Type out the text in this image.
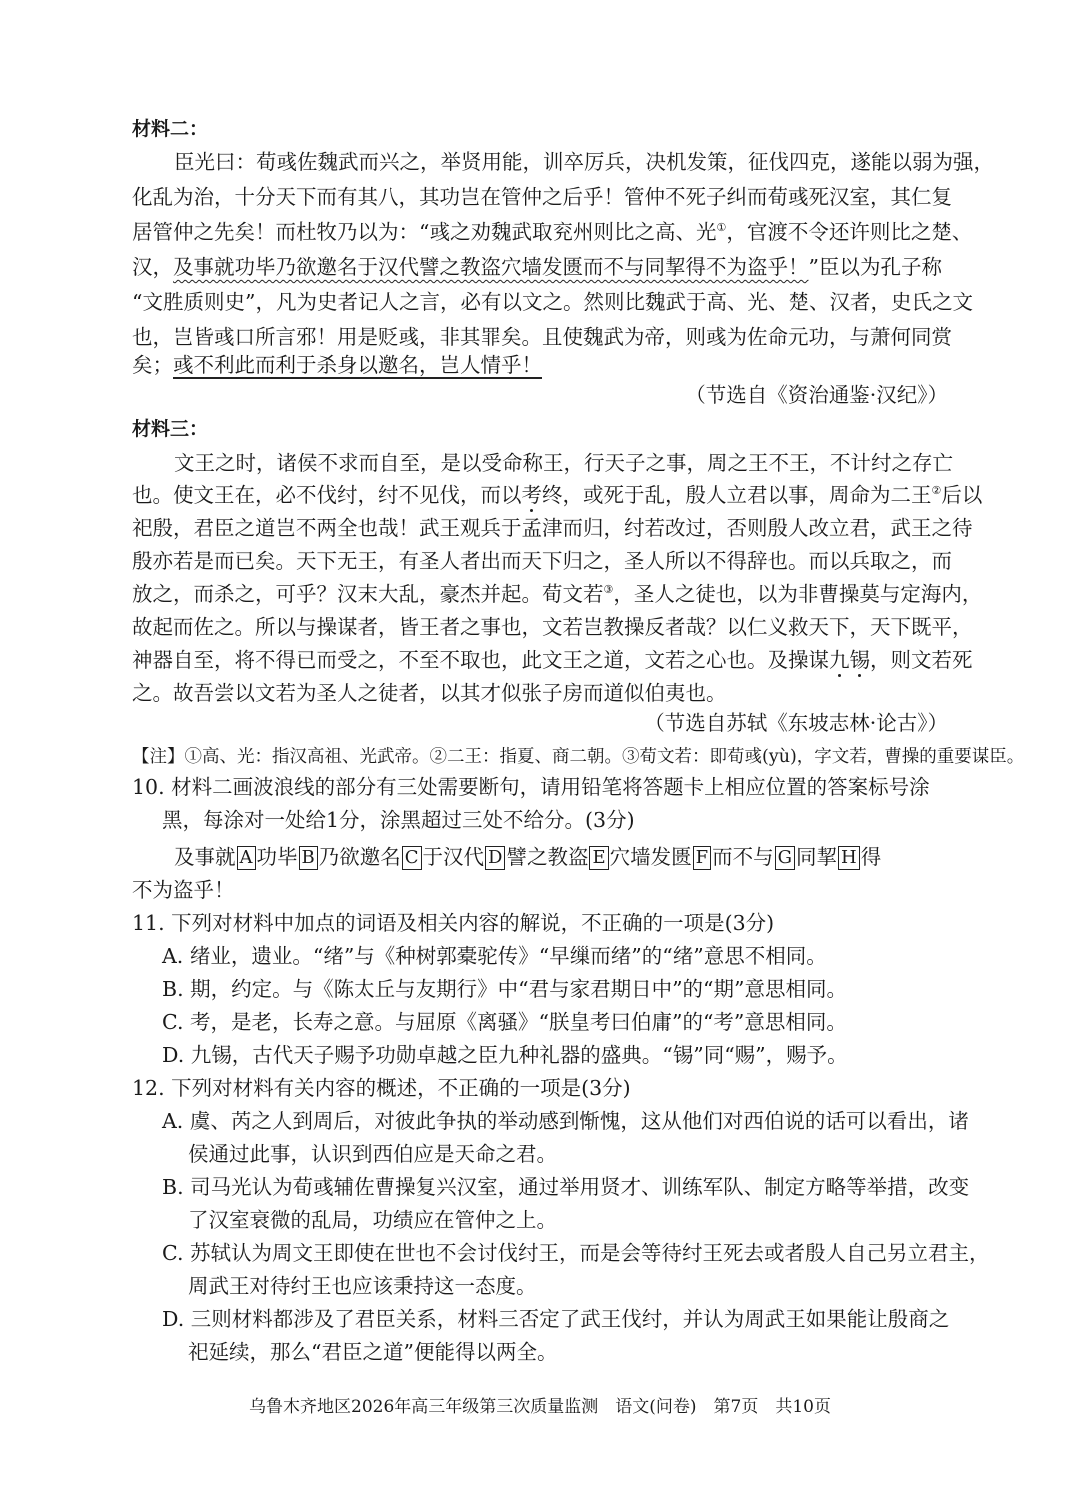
材料二：
臣光曰：荀彧佐魏武而兴之，举贤用能，训卒厉兵，决机发策，征伐四克，遂能以弱为强，
化乱为治，十分天下而有其八，其功岂在管仲之后乎！管仲不死子纠而荀彧死汉室，其仁复
居管仲之先矣！而杜牧乃以为：“彧之劝魏武取兖州则比之高、光①，官渡不令还许则比之楚、
汉，及事就功毕乃欲邀名于汉代譬之教盗穴墙发匮而不与同挈得不为盗乎！”臣以为孔子称
“文胜质则史”，凡为史者记人之言，必有以文之。然则比魏武于高、光、楚、汉者，史氏之文
也，岂皆彧口所言邪！用是贬彧，非其罪矣。且使魏武为帝，则彧为佐命元功，与萧何同赏
矣；彧不利此而利于杀身以邀名，岂人情乎！
（节选自《资治通鉴·汉纪》）
材料三：
文王之时，诸侯不求而自至，是以受命称王，行天子之事，周之王不王，不计纣之存亡
也。使文王在，必不伐纣，纣不见伐，而以考终，或死于乱，殷人立君以事，周命为二王②后以
祀殷，君臣之道岂不两全也哉！武王观兵于孟津而归，纣若改过，否则殷人改立君，武王之待
殷亦若是而已矣。天下无王，有圣人者出而天下归之，圣人所以不得辞也。而以兵取之，而
放之，而杀之，可乎？汉末大乱，豪杰并起。荀文若③，圣人之徒也，以为非曹操莫与定海内，
故起而佐之。所以与操谋者，皆王者之事也，文若岂教操反者哉？以仁义救天下，天下既平，
神器自至，将不得已而受之，不至不取也，此文王之道，文若之心也。及操谋九锡，则文若死
之。故吾尝以文若为圣人之徒者，以其才似张子房而道似伯夷也。
（节选自苏轼《东坡志林·论古》）
【注】①高、光：指汉高祖、光武帝。②二王：指夏、商二朝。③荀文若：即荀彧(yù)，字文若，曹操的重要谋臣。
10. 材料二画波浪线的部分有三处需要断句，请用铅笔将答题卡上相应位置的答案标号涂
黑，每涂对一处给1分，涂黑超过三处不给分。(3分)
及事就 A 功毕 B 乃欲邀名 C 于汉代 D 譬之教盗 E 穴墙发匮 F 而不与 G 同挈 H 得
不为盗乎！
11. 下列对材料中加点的词语及相关内容的解说，不正确的一项是(3分)
A. 绪业，遗业。“绪”与《种树郭橐驼传》“早缫而绪”的“绪”意思不相同。
B. 期，约定。与《陈太丘与友期行》中“君与家君期日中”的“期”意思相同。
C. 考，是老，长寿之意。与屈原《离骚》“朕皇考曰伯庸”的“考”意思相同。
D. 九锡，古代天子赐予功勋卓越之臣九种礼器的盛典。“锡”同“赐”，赐予。
12. 下列对材料有关内容的概述，不正确的一项是(3分)
A. 虞、芮之人到周后，对彼此争执的举动感到惭愧，这从他们对西伯说的话可以看出，诸
侯通过此事，认识到西伯应是天命之君。
B. 司马光认为荀彧辅佐曹操复兴汉室，通过举用贤才、训练军队、制定方略等举措，改变
了汉室衰微的乱局，功绩应在管仲之上。
C. 苏轼认为周文王即使在世也不会讨伐纣王，而是会等待纣王死去或者殷人自己另立君主，
周武王对待纣王也应该秉持这一态度。
D. 三则材料都涉及了君臣关系，材料三否定了武王伐纣，并认为周武王如果能让殷商之
祀延续，那么“君臣之道”便能得以两全。
乌鲁木齐地区2026年高三年级第三次质量监测　语文(问卷)　第7页　共10页
